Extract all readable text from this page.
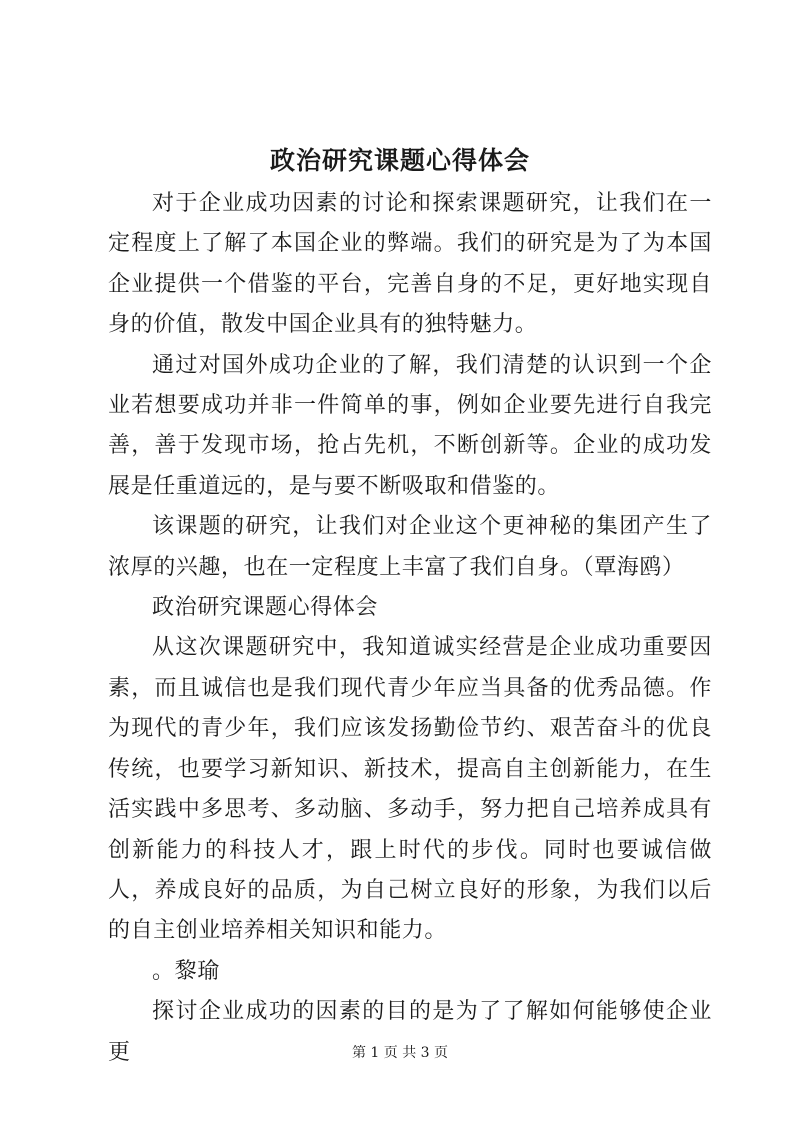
政治研究课题心得体会

对于企业成功因素的讨论和探索课题研究，让我们在一定程度上了解了本国企业的弊端。我们的研究是为了为本国企业提供一个借鉴的平台，完善自身的不足，更好地实现自身的价值，散发中国企业具有的独特魅力。

通过对国外成功企业的了解，我们清楚的认识到一个企业若想要成功并非一件简单的事，例如企业要先进行自我完善，善于发现市场，抢占先机，不断创新等。企业的成功发展是任重道远的，是与要不断吸取和借鉴的。

该课题的研究，让我们对企业这个更神秘的集团产生了浓厚的兴趣，也在一定程度上丰富了我们自身。（覃海鸥）

政治研究课题心得体会

从这次课题研究中，我知道诚实经营是企业成功重要因素，而且诚信也是我们现代青少年应当具备的优秀品德。作为现代的青少年，我们应该发扬勤俭节约、艰苦奋斗的优良传统，也要学习新知识、新技术，提高自主创新能力，在生活实践中多思考、多动脑、多动手，努力把自己培养成具有创新能力的科技人才，跟上时代的步伐。同时也要诚信做人，养成良好的品质，为自己树立良好的形象，为我们以后的自主创业培养相关知识和能力。

。黎瑜

探讨企业成功的因素的目的是为了了解如何能够使企业更	第 1 页 共 3 页
